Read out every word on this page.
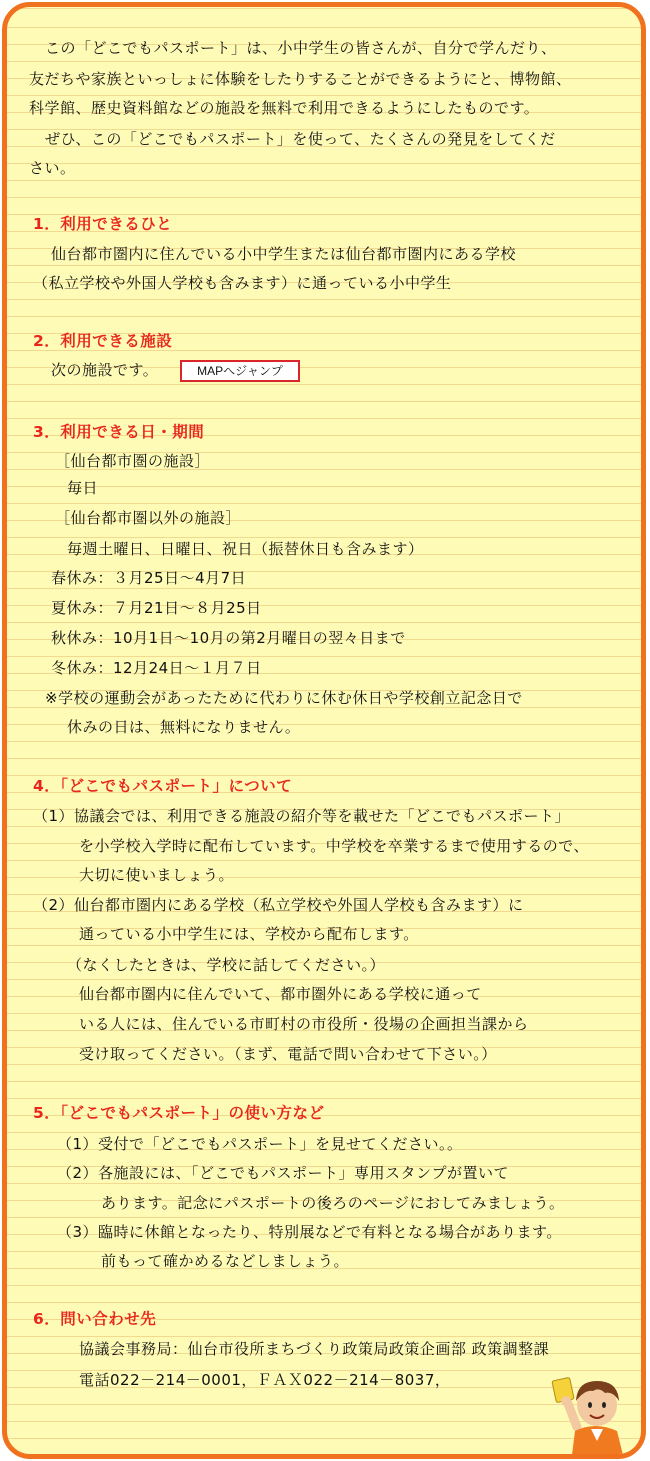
この「どこでもパスポート」は、小中学生の皆さんが、自分で学んだり、

友だちや家族といっしょに体験をしたりすることができるようにと、博物館、

科学館、歴史資料館などの施設を無料で利用できるようにしたものです。

ぜひ、この「どこでもパスポート」を使って、たくさんの発見をしてくだ

さい。

1．利用できるひと

仙台都市圏内に住んでいる小中学生または仙台都市圏内にある学校

（私立学校や外国人学校も含みます）に通っている小中学生

2．利用できる施設

次の施設です。	MAPへジャンプ

3．利用できる日・期間

［仙台都市圏の施設］

毎日

［仙台都市圏以外の施設］

毎週土曜日、日曜日、祝日（振替休日も含みます）

春休み：３月25日～4月7日

夏休み：７月21日～８月25日

秋休み：10月1日～10月の第2月曜日の翌々日まで

冬休み：12月24日～１月７日

※学校の運動会があったために代わりに休む休日や学校創立記念日で

休みの日は、無料になりません。

4．「どこでもパスポート」について

（1）協議会では、利用できる施設の紹介等を載せた「どこでもパスポート」

を小学校入学時に配布しています。中学校を卒業するまで使用するので、

大切に使いましょう。

（2）仙台都市圏内にある学校（私立学校や外国人学校も含みます）に

通っている小中学生には、学校から配布します。

（なくしたときは、学校に話してください。）

仙台都市圏内に住んでいて、都市圏外にある学校に通って

いる人には、住んでいる市町村の市役所・役場の企画担当課から

受け取ってください。（まず、電話で問い合わせて下さい。）

5．「どこでもパスポート」の使い方など

（1）受付で「どこでもパスポート」を見せてください。。

（2）各施設には、「どこでもパスポート」専用スタンプが置いて

あります。記念にパスポートの後ろのページにおしてみましょう。

（3）臨時に休館となったり、特別展などで有料となる場合があります。

前もって確かめるなどしましょう。

6．問い合わせ先

協議会事務局：仙台市役所まちづくり政策局政策企画部 政策調整課

電話022－214－0001，ＦＡＸ022－214－8037，
